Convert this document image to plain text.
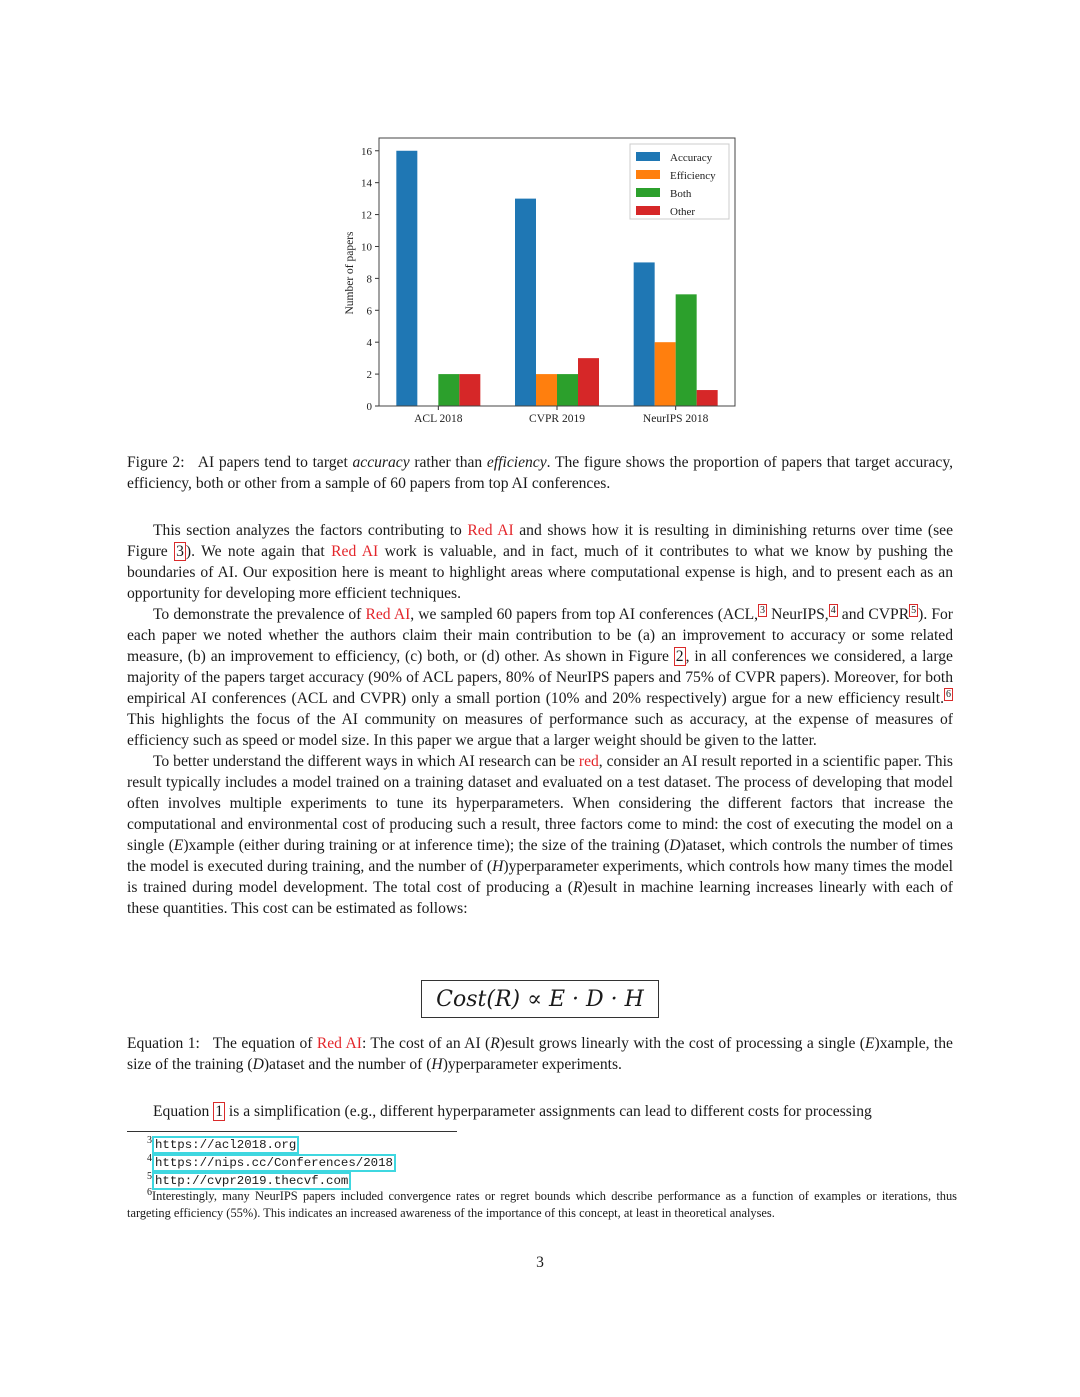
0
2
4
6
8
10
12
14
16
ACL 2018	CVPR 2019	NeurIPS 2018
Accuracy
Efficiency
Both
Other
Number of papers
Figure 2: AI papers tend to target accuracy rather than efficiency. The figure shows the proportion of papers that target accuracy, efficiency, both or other from a sample of 60 papers from top AI conferences.

This section analyzes the factors contributing to Red AI and shows how it is resulting in diminishing returns over time (see Figure 3 ). We note again that Red AI work is valuable, and in fact, much of it contributes to what we know by pushing the boundaries of AI. Our exposition here is meant to highlight areas where computational expense is high, and to present each as an opportunity for developing more efficient techniques.

To demonstrate the prevalence of Red AI, we sampled 60 papers from top AI conferences (ACL, $^3$ NeurIPS, $^4$ and CVPR $^5$ ). For each paper we noted whether the authors claim their main contribution to be (a) an improvement to accuracy or some related measure, (b) an improvement to efficiency, (c) both, or (d) other. As shown in Figure 2 , in all conferences we considered, a large majority of the papers target accuracy (90% of ACL papers, 80% of NeurIPS papers and 75% of CVPR papers). Moreover, for both empirical AI conferences (ACL and CVPR) only a small portion (10% and 20% respectively) argue for a new efficiency result. $^6$ This highlights the focus of the AI community on measures of performance such as accuracy, at the expense of measures of efficiency such as speed or model size. In this paper we argue that a larger weight should be given to the latter.

To better understand the different ways in which AI research can be red, consider an AI result reported in a scientific paper. This result typically includes a model trained on a training dataset and evaluated on a test dataset. The process of developing that model often involves multiple experiments to tune its hyperparameters. When considering the different factors that increase the computational and environmental cost of producing such a result, three factors come to mind: the cost of executing the model on a single (E)xample (either during training or at inference time); the size of the training (D)ataset, which controls the number of times the model is executed during training, and the number of (H)yperparameter experiments, which controls how many times the model is trained during model development. The total cost of producing a (R)esult in machine learning increases linearly with each of these quantities. This cost can be estimated as follows:

Cost(R) ∝ E · D · H
Equation 1: The equation of Red AI: The cost of an AI (R)esult grows linearly with the cost of processing a single (E)xample, the size of the training (D)ataset and the number of (H)yperparameter experiments.
Equation 1 is a simplification (e.g., different hyperparameter assignments can lead to different costs for processing
$^3$ https://acl2018.org
$^4$ https://nips.cc/Conferences/2018
$^5$ http://cvpr2019.thecvf.com
$^6$Interestingly, many NeurIPS papers included convergence rates or regret bounds which describe performance as a function of examples or iterations, thus targeting efficiency (55%). This indicates an increased awareness of the importance of this concept, at least in theoretical analyses.
3
